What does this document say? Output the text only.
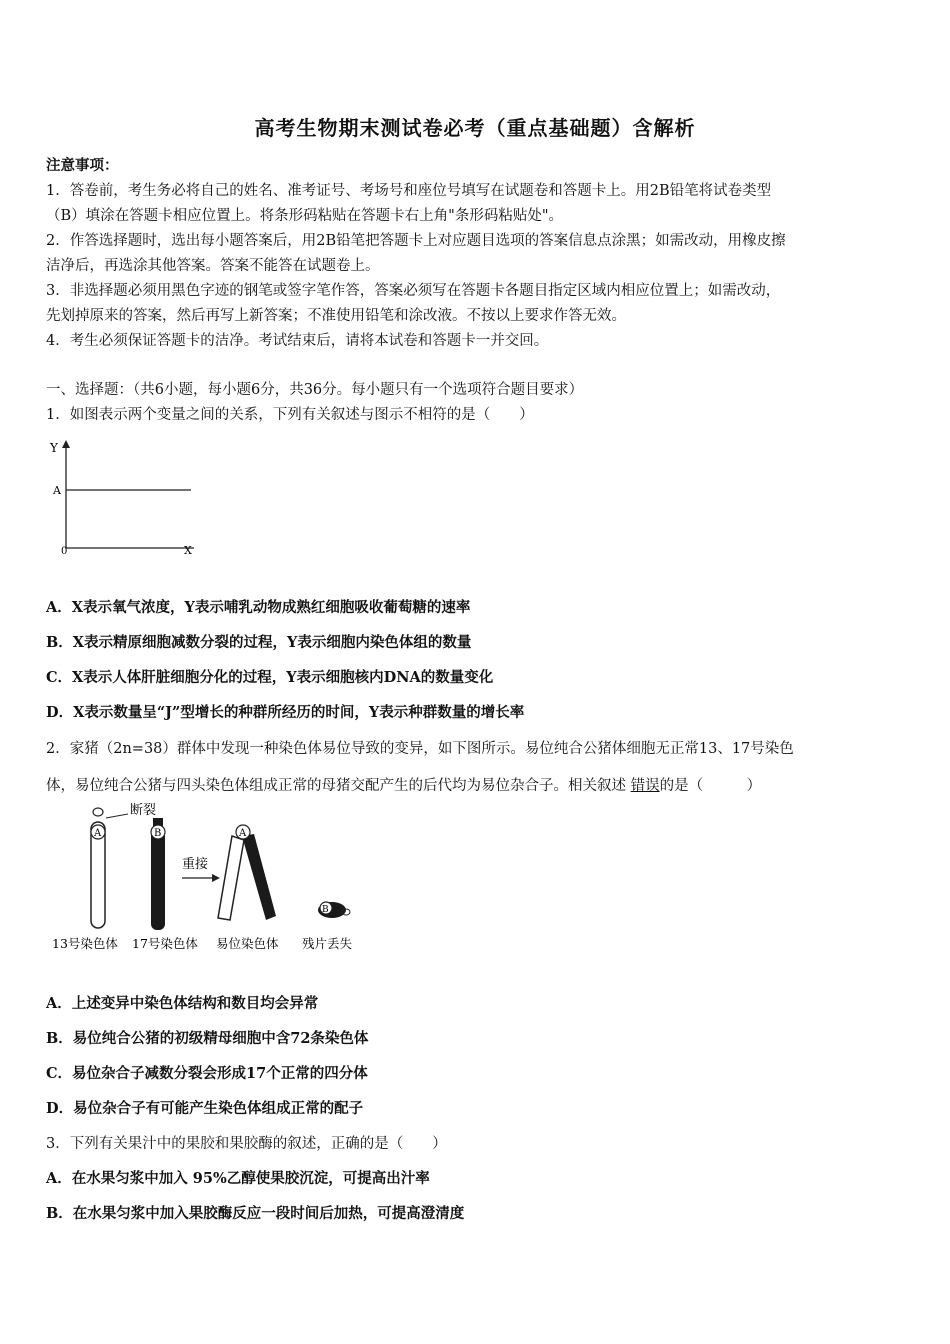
高考生物期末测试卷必考（重点基础题）含解析
注意事项：
1．答卷前，考生务必将自己的姓名、准考证号、考场号和座位号填写在试题卷和答题卡上。用2B铅笔将试卷类型
（B）填涂在答题卡相应位置上。将条形码粘贴在答题卡右上角"条形码粘贴处"。
2．作答选择题时，选出每小题答案后，用2B铅笔把答题卡上对应题目选项的答案信息点涂黑；如需改动，用橡皮擦
洁净后，再选涂其他答案。答案不能答在试题卷上。
3．非选择题必须用黑色字迹的钢笔或签字笔作答，答案必须写在答题卡各题目指定区域内相应位置上；如需改动，
先划掉原来的答案，然后再写上新答案；不准使用铅笔和涂改液。不按以上要求作答无效。
4．考生必须保证答题卡的洁净。考试结束后，请将本试卷和答题卡一并交回。
一、选择题：（共6小题，每小题6分，共36分。每小题只有一个选项符合题目要求）
1．如图表示两个变量之间的关系，下列有关叙述与图示不相符的是（　　）
Y
A
0	X
A．X表示氧气浓度，Y表示哺乳动物成熟红细胞吸收葡萄糖的速率
B．X表示精原细胞减数分裂的过程，Y表示细胞内染色体组的数量
C．X表示人体肝脏细胞分化的过程，Y表示细胞核内DNA的数量变化
D．X表示数量呈“J”型增长的种群所经历的时间，Y表示种群数量的增长率
2．家猪（2n=38）群体中发现一种染色体易位导致的变异，如下图所示。易位纯合公猪体细胞无正常13、17号染色
体，易位纯合公猪与四头染色体组成正常的母猪交配产生的后代均为易位杂合子。相关叙述 错误的是（　　　）
A
断裂
B
重接
A
B
13号染色体 17号染色体 易位染色体 残片丢失
A．上述变异中染色体结构和数目均会异常
B．易位纯合公猪的初级精母细胞中含72条染色体
C．易位杂合子减数分裂会形成17个正常的四分体
D．易位杂合子有可能产生染色体组成正常的配子
3．下列有关果汁中的果胶和果胶酶的叙述，正确的是（　　）
A．在水果匀浆中加入 95%乙醇使果胶沉淀，可提高出汁率
B．在水果匀浆中加入果胶酶反应一段时间后加热，可提高澄清度
